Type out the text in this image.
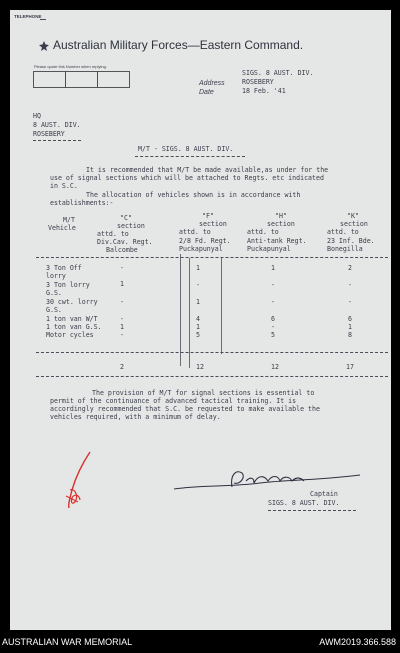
TELEPHONE
Australian Military Forces—Eastern Command.
Please quote this Number when replying.
Address
Date
SIGS. 8 AUST. DIV.
ROSEBERY
18 Feb. '41
HQ
8 AUST. DIV.
ROSEBERY
M/T - SIGS. 8 AUST. DIV.
It is recommended that M/T be made available,as under for the
use of signal sections which will be attached to Regts. etc indicated
in S.C.
The allocation of vehicles shown is in accordance with
establishments:-
M/T
Vehicle
"C"
section
attd. to
Div.Cav. Regt.
Balcombe
"F"
section
attd. to
2/8 Fd. Regt.
Puckapunyal
"H"
section
attd. to
Anti-tank Regt.
Puckapunyal
"K"
section
attd. to
23 Inf. Bde.
Bonegilla
3 Ton Off
lorry
-	1	1	2
3 Ton lorry
G.S.
1	-	-	-
30 cwt. lorry
G.S.
-	1	-	-
1 ton van W/T	-	4	6	6
1 ton van G.S.	1	1	-	1
Motor cycles	-	5	5	8
2	12	12	17
The provision of M/T for signal sections is essential to
permit of the continuance of advanced tactical training. It is
accordingly recommended that S.C. be requested to make available the
vehicles required, with a minimum of delay.
Captain
SIGS. 8 AUST. DIV.
AUSTRALIAN WAR MEMORIAL	AWM2019.366.588
